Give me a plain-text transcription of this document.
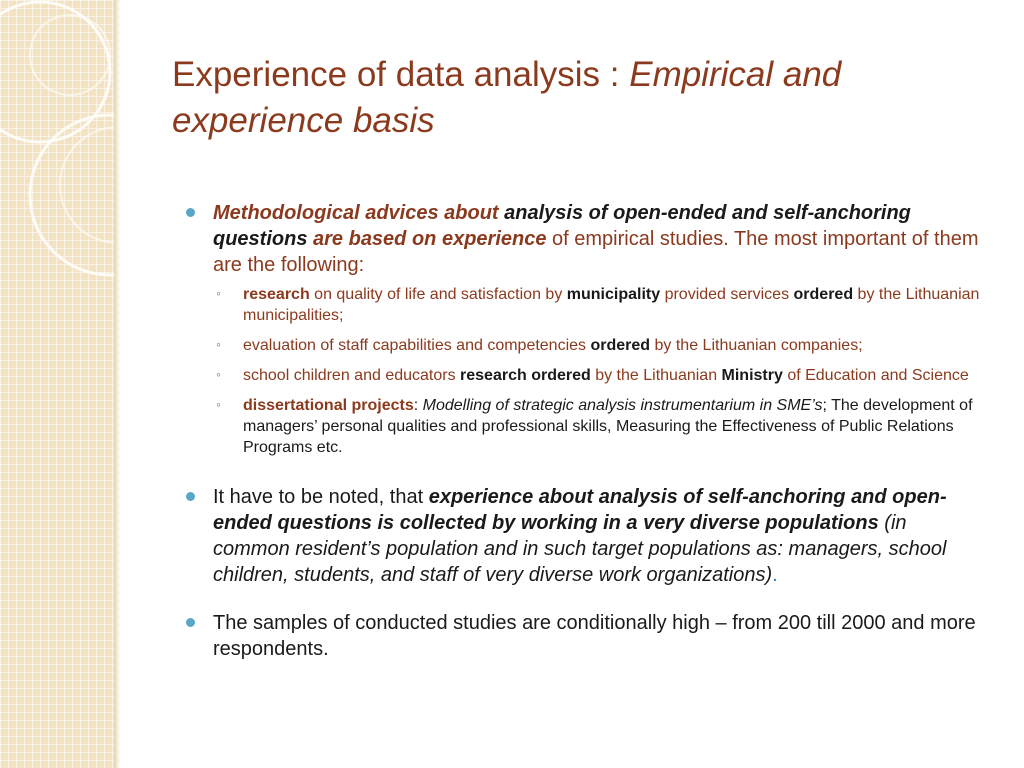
Experience of data analysis : Empirical and experience basis
Methodological advices about analysis of open-ended and self-anchoring questions are based on experience of empirical studies. The most important of them are the following:
◦ research on quality of life and satisfaction by municipality provided services ordered by the Lithuanian municipalities;
◦ evaluation of staff capabilities and competencies ordered by the Lithuanian companies;
◦ school children and educators research ordered by the Lithuanian Ministry of Education and Science
◦ dissertational projects: Modelling of strategic analysis instrumentarium in SME’s; The development of managers’ personal qualities and professional skills, Measuring the Effectiveness of Public Relations Programs etc.
It have to be noted, that experience about analysis of self-anchoring and open-ended questions is collected by working in a very diverse populations (in common resident’s population and in such target populations as: managers, school children, students, and staff of very diverse work organizations).
The samples of conducted studies are conditionally high – from 200 till 2000 and more respondents.
